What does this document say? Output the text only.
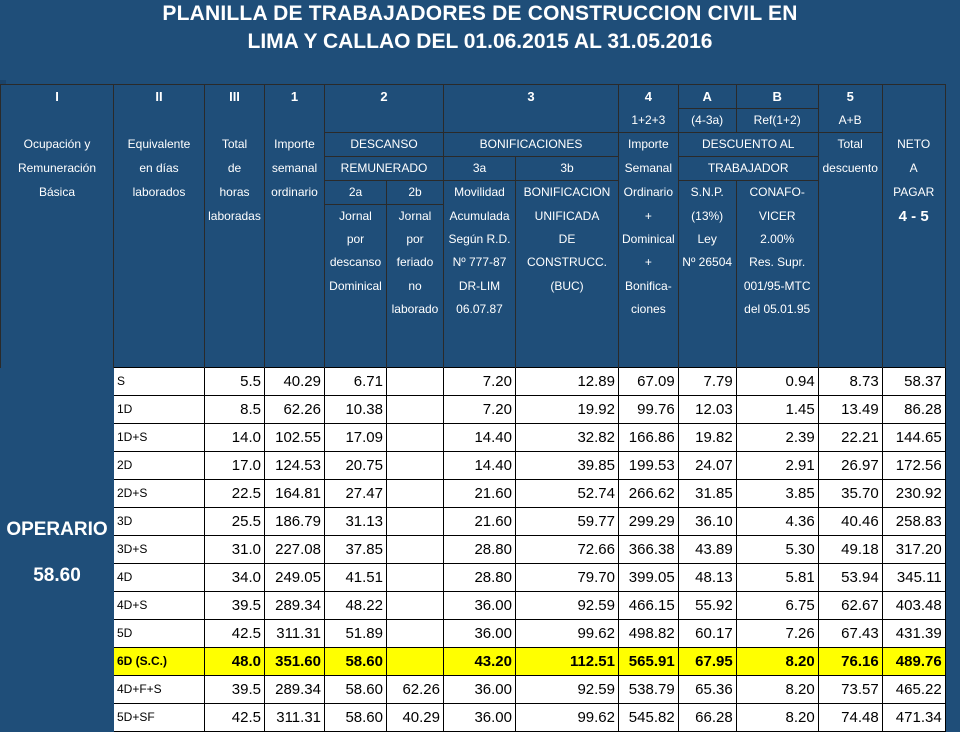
PLANILLA DE TRABAJADORES DE CONSTRUCCION CIVIL EN
LIMA Y CALLAO DEL 01.06.2015 AL 31.05.2016
I	II	III	1	2		3		4	A	B	5	
								1+2+3	(4-3a)	Ref(1+2)	A+B	
Ocupación y	Equivalente	Total	Importe	DESCANSO		BONIFICACIONES		Importe	DESCUENTO AL		Total	NETO
Remuneración	en días	de	semanal	REMUNERADO		3a	3b	Semanal	TRABAJADOR		descuento	A
Básica	laborados	horas	ordinario	2a	2b	Movilidad	BONIFICACION	Ordinario	S.N.P.	CONAFO-		PAGAR
		laboradas		Jornal	Jornal	Acumulada	UNIFICADA	+	(13%)	VICER		4 - 5
				por	por	Según R.D.	DE	Dominical	Ley	2.00%		
				descanso	feriado	Nº 777-87	CONSTRUCC.	+	Nº 26504	Res. Supr.		
				Dominical	no	DR-LIM	(BUC)	Bonifica-		001/95-MTC		
					laborado	06.07.87		ciones		del 05.01.95		

OPERARIO
58.60	S	5.5	40.29	6.71		7.20	12.89	67.09	7.79	0.94	8.73	58.37
	1D	8.5	62.26	10.38		7.20	19.92	99.76	12.03	1.45	13.49	86.28
	1D+S	14.0	102.55	17.09		14.40	32.82	166.86	19.82	2.39	22.21	144.65
	2D	17.0	124.53	20.75		14.40	39.85	199.53	24.07	2.91	26.97	172.56
	2D+S	22.5	164.81	27.47		21.60	52.74	266.62	31.85	3.85	35.70	230.92
	3D	25.5	186.79	31.13		21.60	59.77	299.29	36.10	4.36	40.46	258.83
	3D+S	31.0	227.08	37.85		28.80	72.66	366.38	43.89	5.30	49.18	317.20
	4D	34.0	249.05	41.51		28.80	79.70	399.05	48.13	5.81	53.94	345.11
	4D+S	39.5	289.34	48.22		36.00	92.59	466.15	55.92	6.75	62.67	403.48
	5D	42.5	311.31	51.89		36.00	99.62	498.82	60.17	7.26	67.43	431.39
	6D (S.C.)	48.0	351.60	58.60		43.20	112.51	565.91	67.95	8.20	76.16	489.76
	4D+F+S	39.5	289.34	58.60	62.26	36.00	92.59	538.79	65.36	8.20	73.57	465.22
	5D+SF	42.5	311.31	58.60	40.29	36.00	99.62	545.82	66.28	8.20	74.48	471.34
